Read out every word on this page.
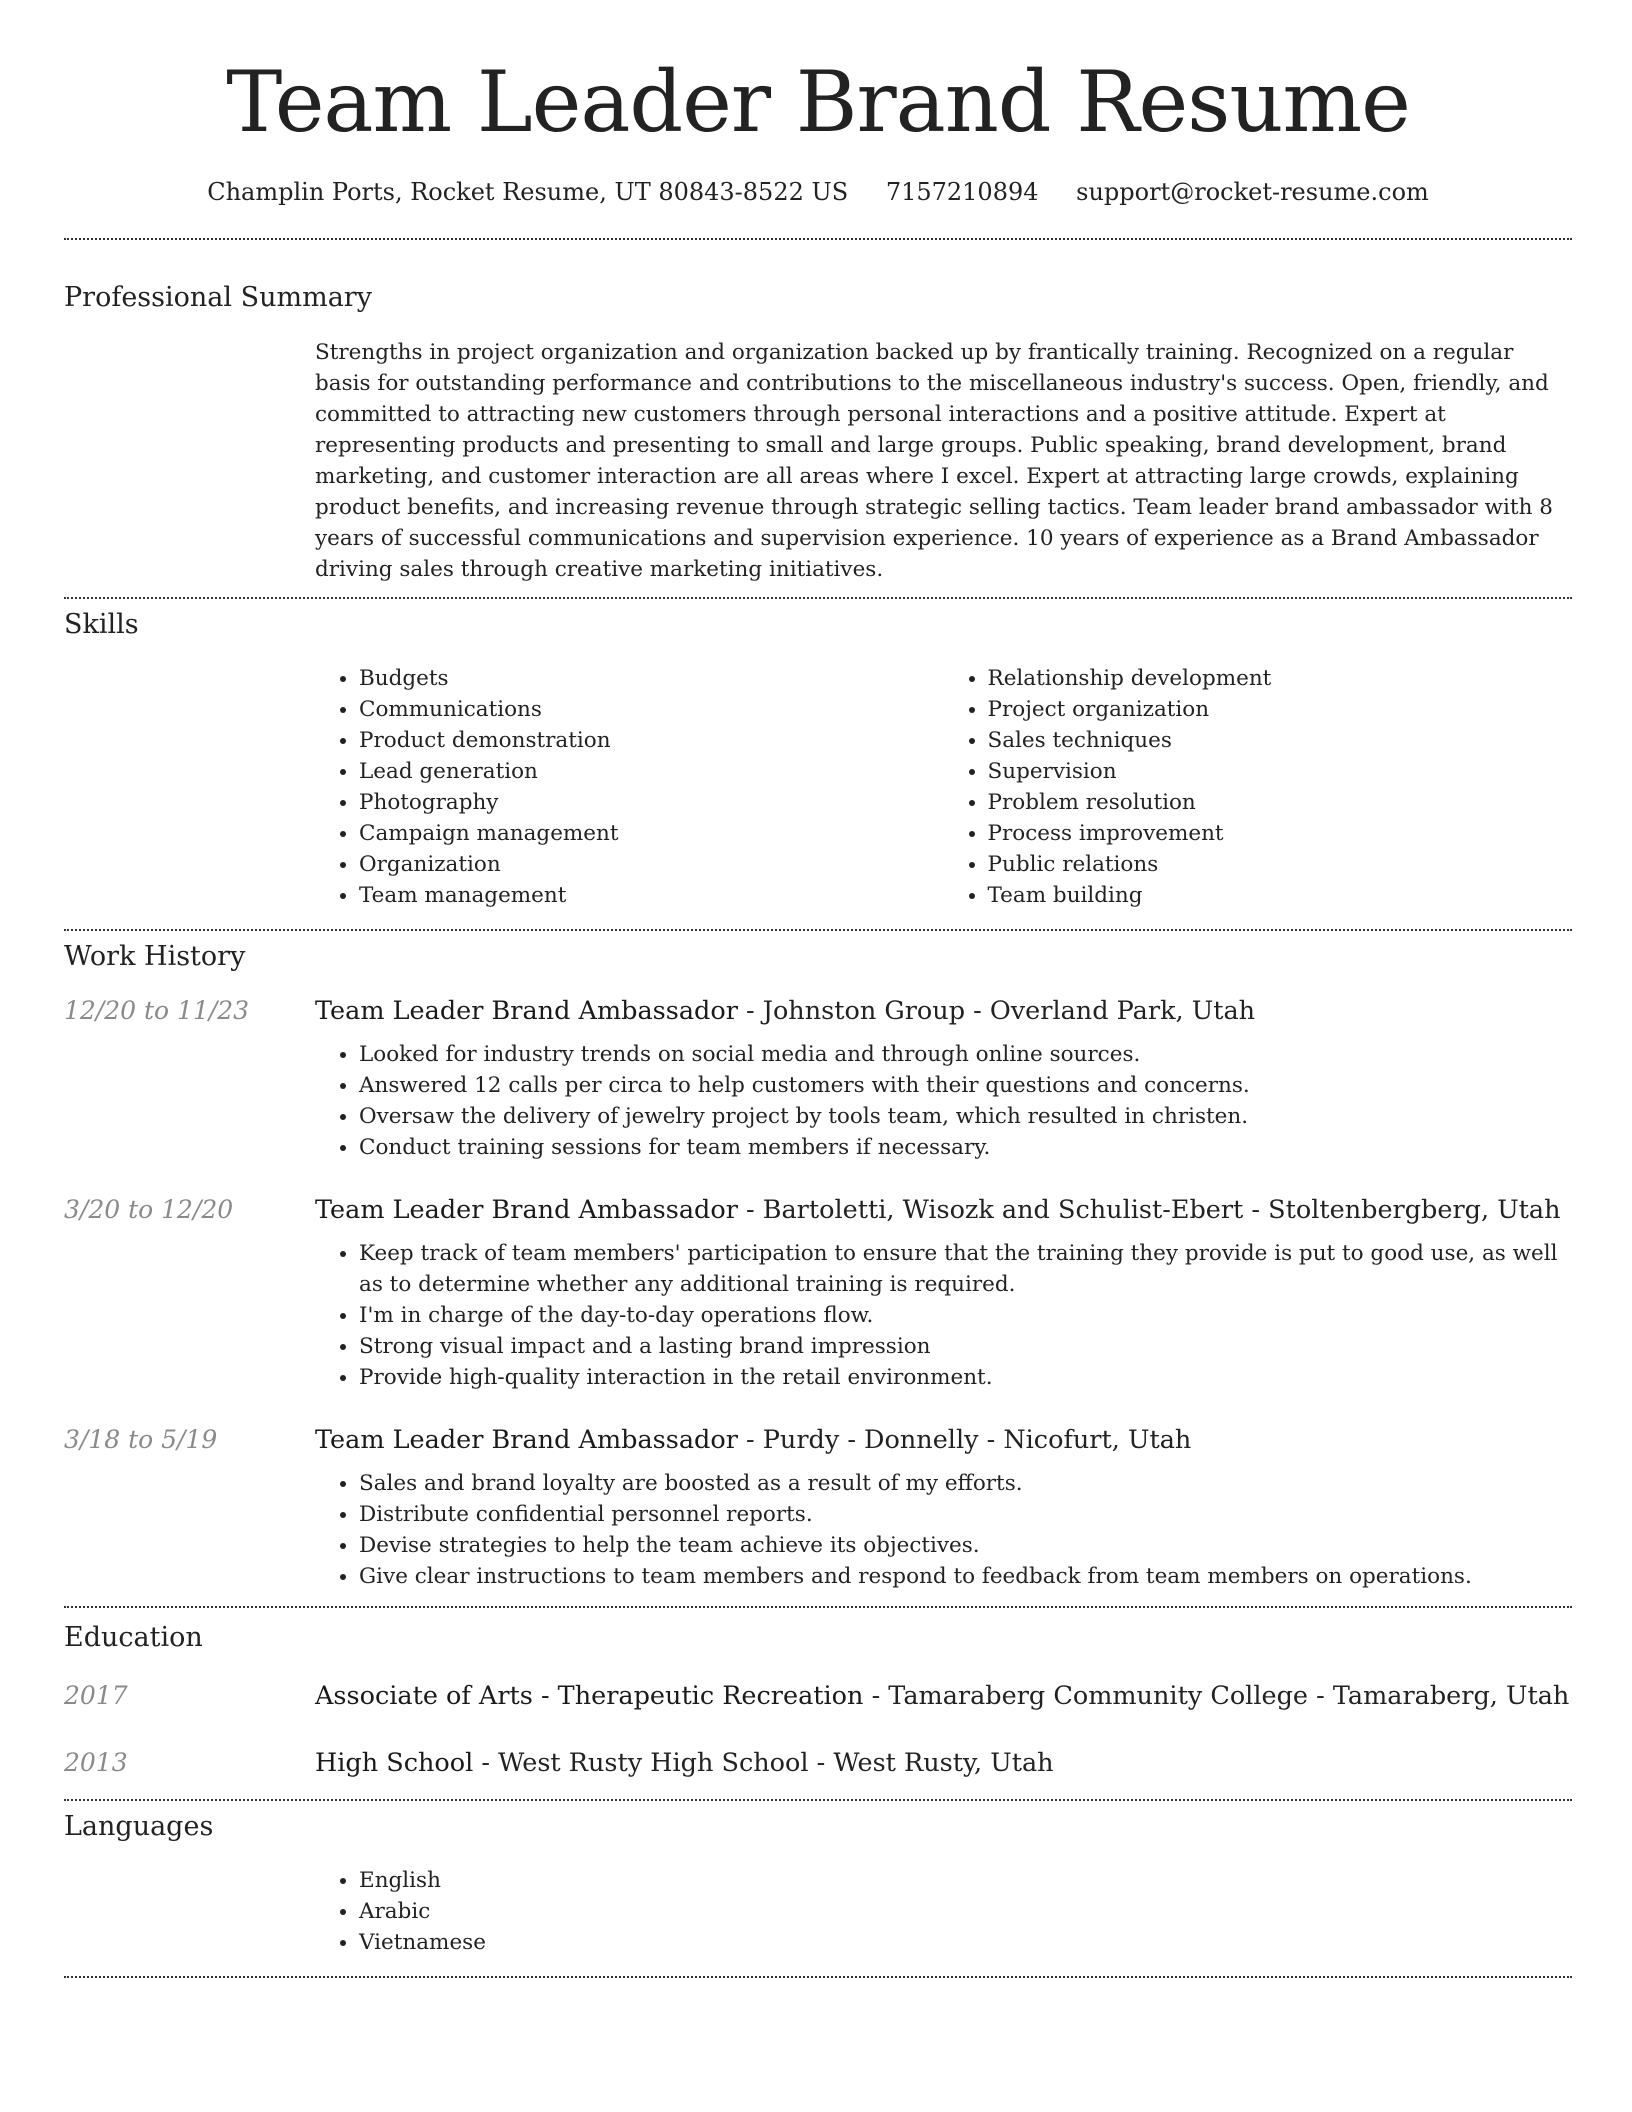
Team Leader Brand Resume
Champlin Ports, Rocket Resume, UT 80843-8522 US 7157210894 support@rocket-resume.com
Professional Summary

Strengths in project organization and organization backed up by frantically training. Recognized on a regular basis for outstanding performance and contributions to the miscellaneous industry's success. Open, friendly, and committed to attracting new customers through personal interactions and a positive attitude. Expert at representing products and presenting to small and large groups. Public speaking, brand development, brand marketing, and customer interaction are all areas where I excel. Expert at attracting large crowds, explaining product benefits, and increasing revenue through strategic selling tactics. Team leader brand ambassador with 8 years of successful communications and supervision experience. 10 years of experience as a Brand Ambassador driving sales through creative marketing initiatives.

Skills
• Budgets
• Communications
• Product demonstration
• Lead generation
• Photography
• Campaign management
• Organization
• Team management
• Relationship development
• Project organization
• Sales techniques
• Supervision
• Problem resolution
• Process improvement
• Public relations
• Team building
Work History
12/20 to 11/23	Team Leader Brand Ambassador - Johnston Group - Overland Park, Utah
• Looked for industry trends on social media and through online sources.
• Answered 12 calls per circa to help customers with their questions and concerns.
• Oversaw the delivery of jewelry project by tools team, which resulted in christen.
• Conduct training sessions for team members if necessary.
3/20 to 12/20	Team Leader Brand Ambassador - Bartoletti, Wisozk and Schulist-Ebert - Stoltenbergberg, Utah
• Keep track of team members' participation to ensure that the training they provide is put to good use, as well as to determine whether any additional training is required.
• I'm in charge of the day-to-day operations flow.
• Strong visual impact and a lasting brand impression
• Provide high-quality interaction in the retail environment.
3/18 to 5/19	Team Leader Brand Ambassador - Purdy - Donnelly - Nicofurt, Utah
• Sales and brand loyalty are boosted as a result of my efforts.
• Distribute confidential personnel reports.
• Devise strategies to help the team achieve its objectives.
• Give clear instructions to team members and respond to feedback from team members on operations.
Education
2017	Associate of Arts - Therapeutic Recreation - Tamaraberg Community College - Tamaraberg, Utah
2013	High School - West Rusty High School - West Rusty, Utah
Languages
• English
• Arabic
• Vietnamese
